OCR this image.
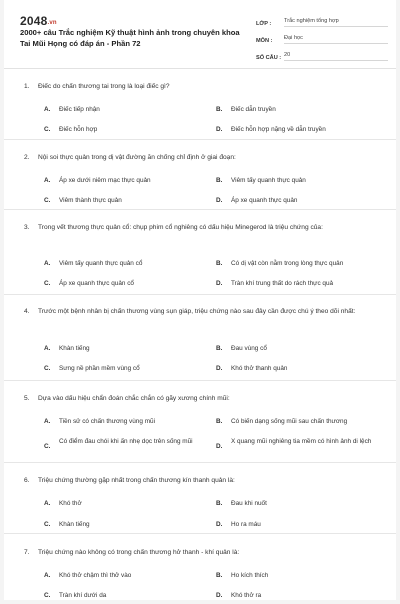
2048.vn
2000+ câu Trắc nghiệm Kỹ thuật hình ảnh trong chuyên khoa Tai Mũi Họng có đáp án - Phần 72
LỚP :	Trắc nghiệm tổng hợp
MÔN :	Đại học
SỐ CÂU : 20
1. Điếc do chấn thương tai trong là loại điếc gì?
A. Điếc tiếp nhận	B. Điếc dẫn truyền
C. Điếc hỗn hợp	D. Điếc hỗn hợp nặng về dẫn truyền
2. Nội soi thực quản trong dị vật đường ăn chống chỉ định ở giai đoạn:
A. Áp xe dưới niêm mạc thực quản	B. Viêm tấy quanh thực quản
C. Viêm thành thực quản	D. Áp xe quanh thực quản
3. Trong vết thương thực quản cổ: chụp phim cổ nghiêng có dấu hiệu Minegerod là triệu chứng của:
A. Viêm tấy quanh thực quản cổ	B. Có dị vật còn nằm trong lòng thực quản
C. Áp xe quanh thực quản cổ	D. Tràn khí trung thất do rách thực quả
4. Trước một bệnh nhân bị chấn thương vùng sụn giáp, triệu chứng nào sau đây cần được chú ý theo dõi nhất:
A. Khàn tiếng	B. Đau vùng cổ
C. Sưng nề phần mềm vùng cổ	D. Khó thở thanh quản
5. Dựa vào dấu hiệu chẩn đoán chắc chắn có gãy xương chính mũi:
A. Tiền sử có chấn thương vùng mũi	B. Có biến dạng sống mũi sau chấn thương
C.
Có điểm đau chói khi ấn nhẹ dọc trên sống mũi
D.
X quang mũi nghiêng tia mềm có hình ảnh di lệch
6. Triệu chứng thường gặp nhất trong chấn thương kín thanh quản là:
A. Khó thở	B. Đau khi nuốt
C. Khàn tiếng	D. Ho ra máu
7. Triệu chứng nào không có trong chấn thương hở thanh - khí quản là:
A. Khó thở chậm thì thở vào	B. Ho kích thích
C. Tràn khí dưới da	D. Khó thở ra
